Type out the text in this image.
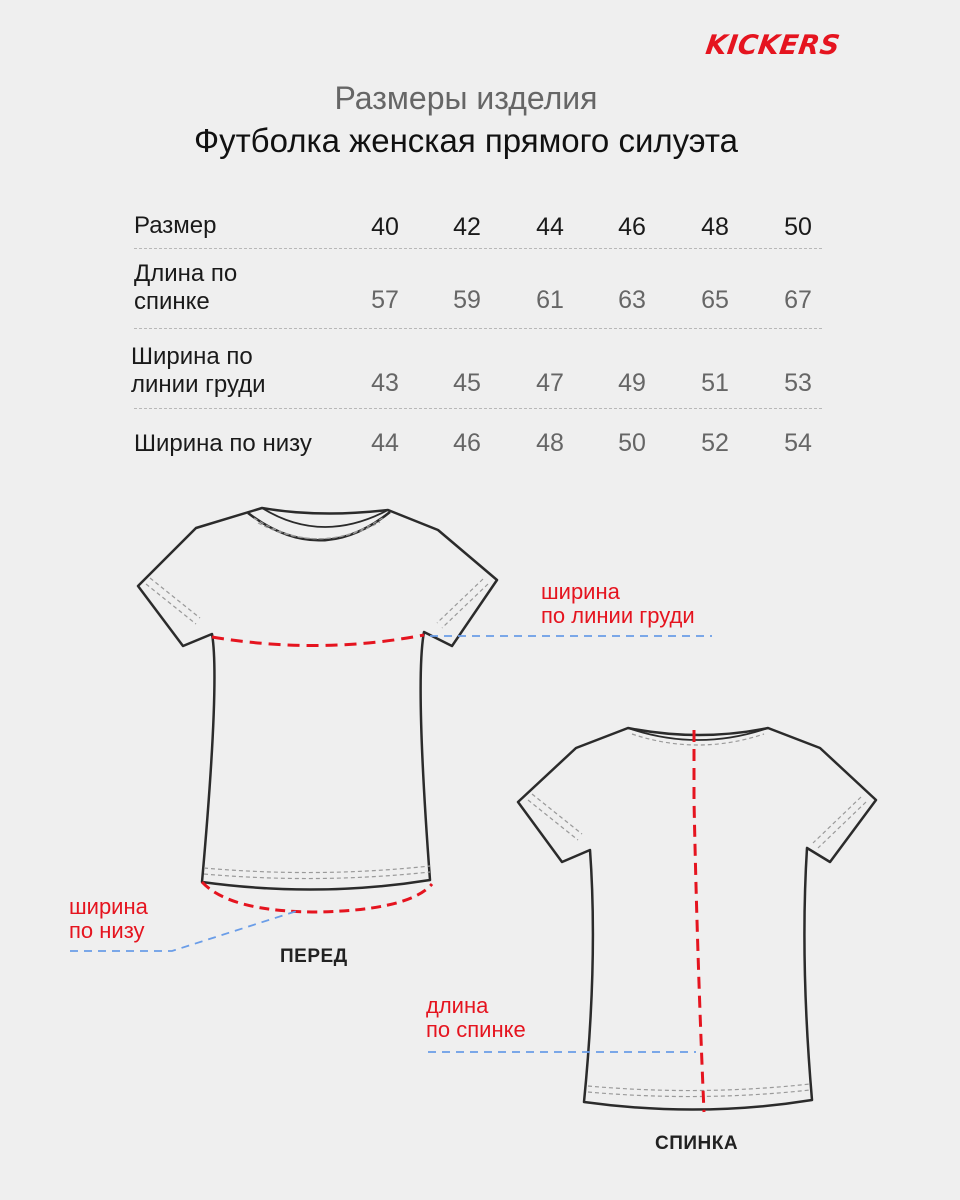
KICKERS
Размеры изделия
Футболка женская прямого силуэта
Размер	40	42	44	46	48	50
Длина по
спинке	57	59	61	63	65	67
Ширина по
линии груди	43	45	47	49	51	53
Ширина по низу	44	46	48	50	52	54
ширина
по линии груди
ширина
по низу
длина
по спинке
ПЕРЕД
СПИНКА
